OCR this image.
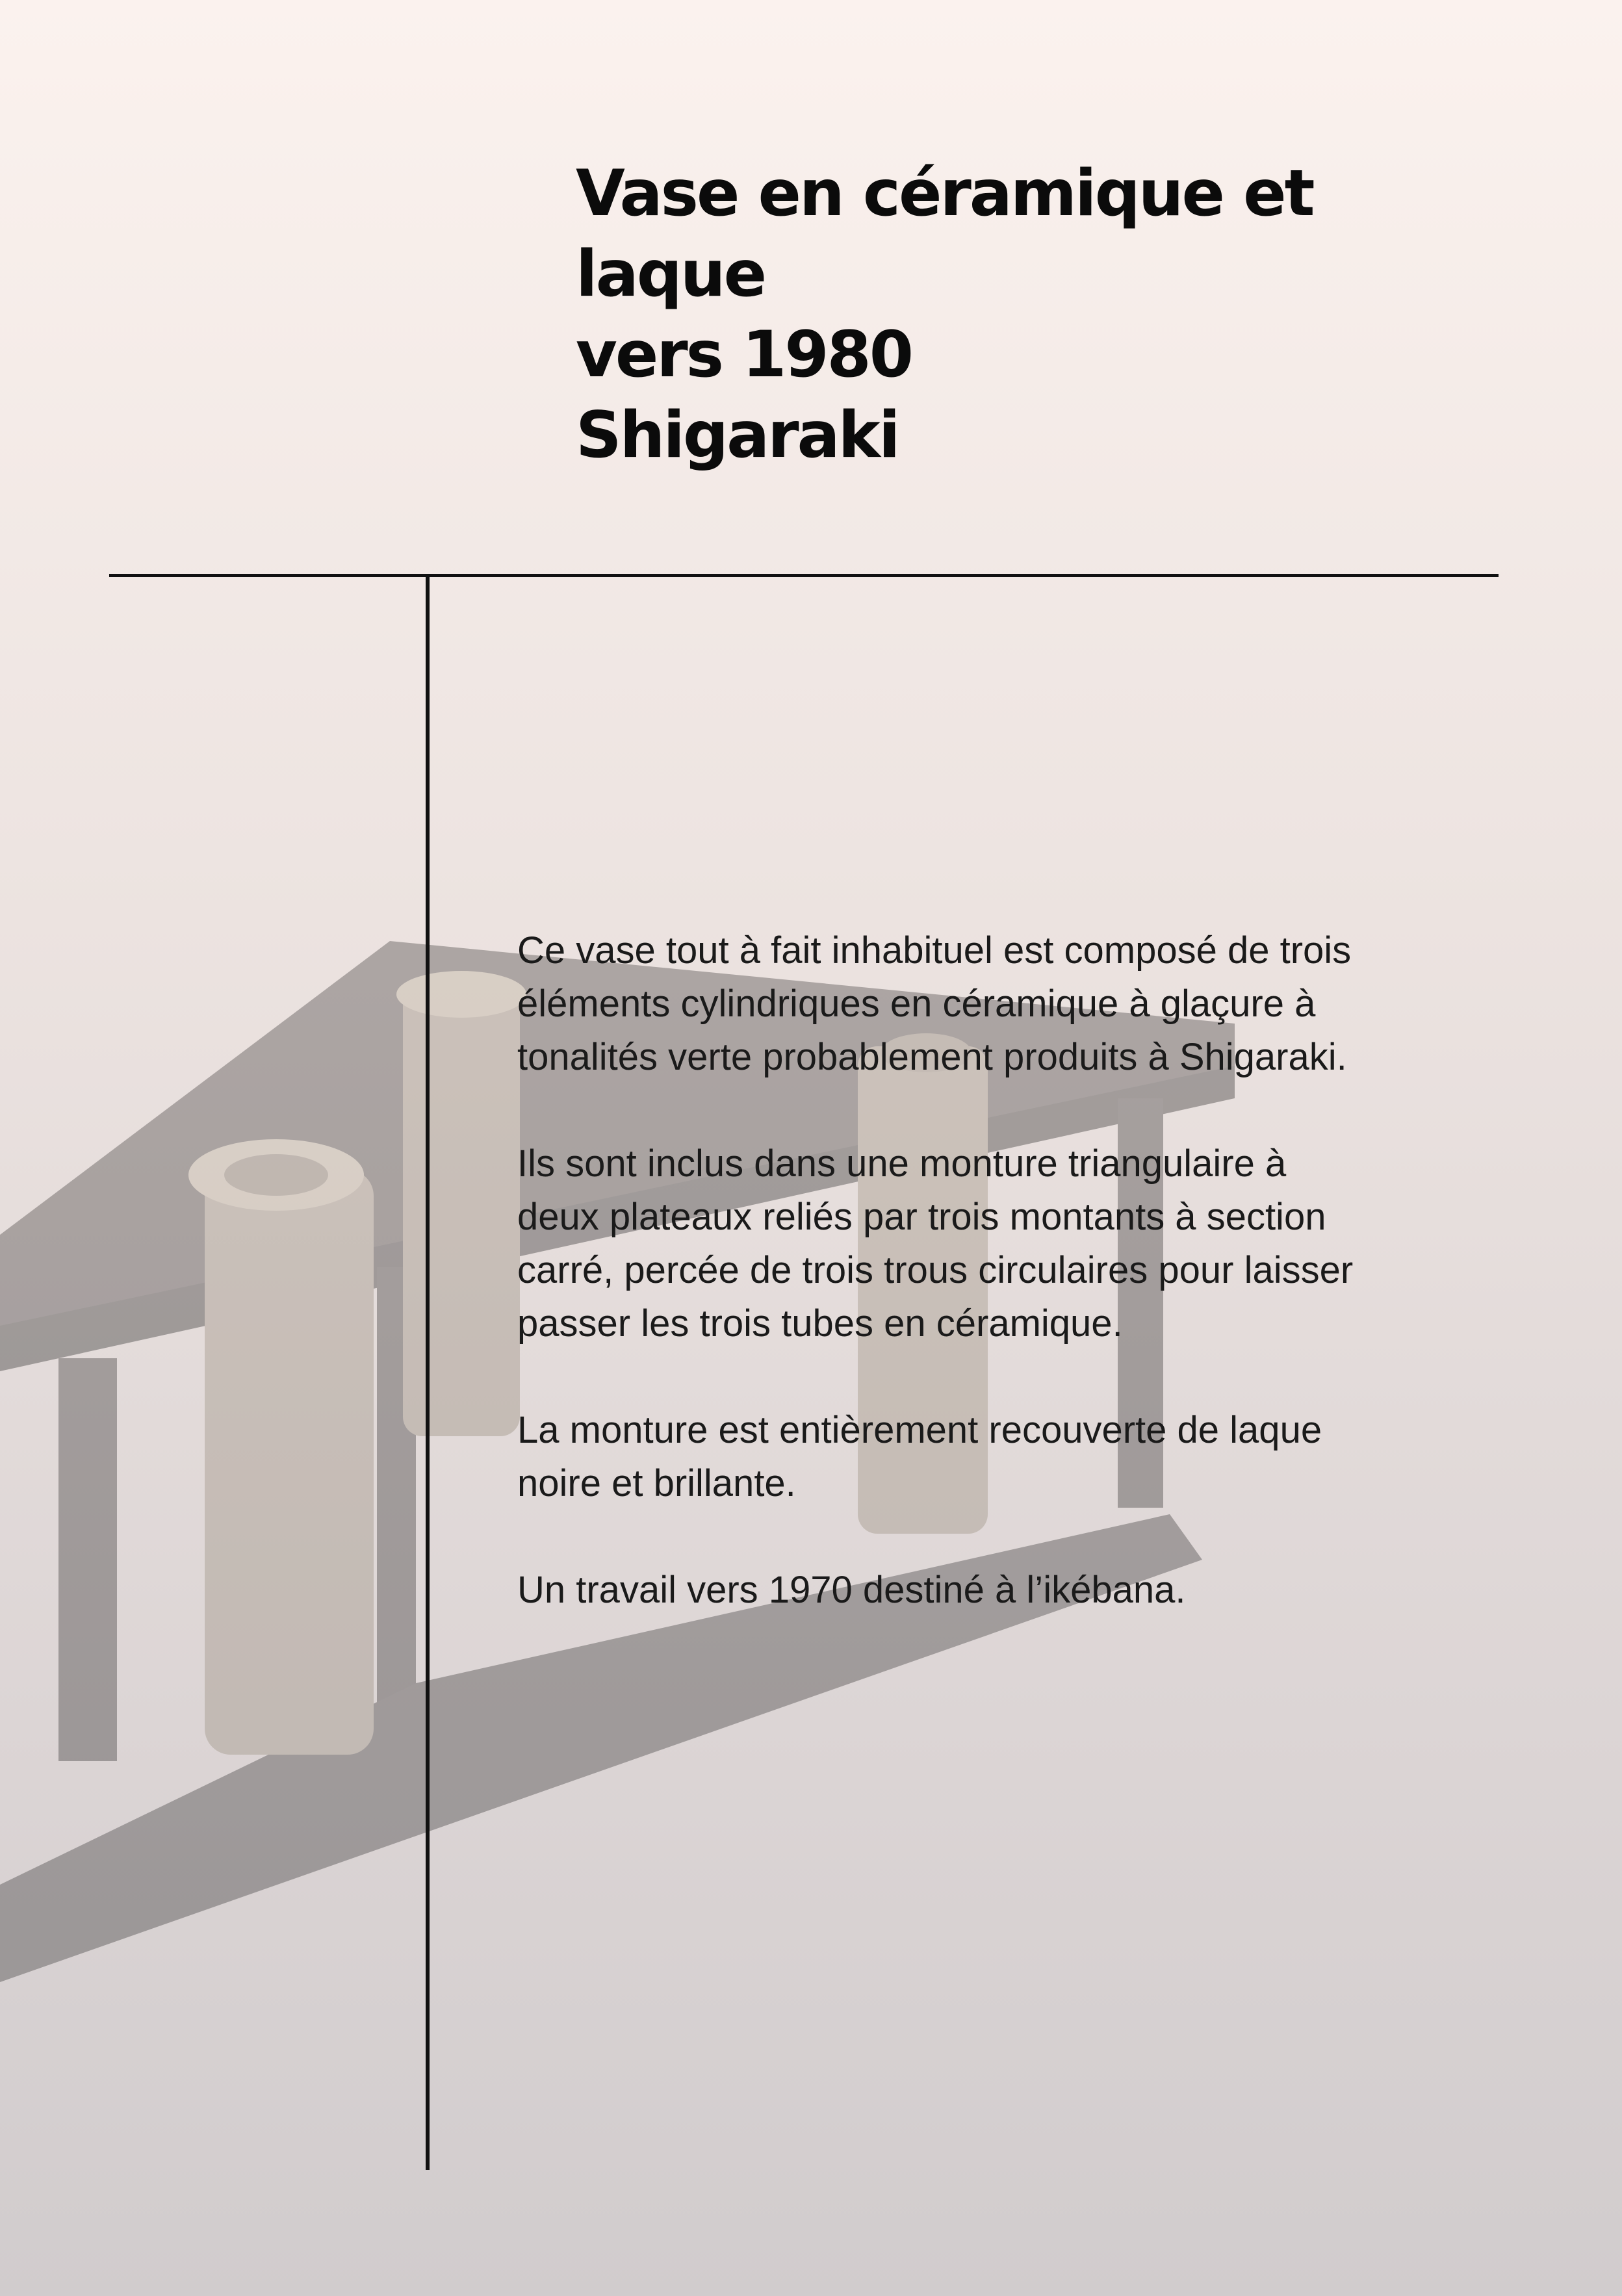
Vase en céramique et
laque
vers 1980
Shigaraki

Ce vase tout à fait inhabituel est composé de trois
éléments cylindriques en céramique à glaçure à
tonalités verte probablement produits à Shigaraki.

Ils sont inclus dans une monture triangulaire à
deux plateaux reliés par trois montants à section
carré, percée de trois trous circulaires pour laisser
passer les trois tubes en céramique.

La monture est entièrement recouverte de laque
noire et brillante.

Un travail vers 1970 destiné à l’ikébana.
